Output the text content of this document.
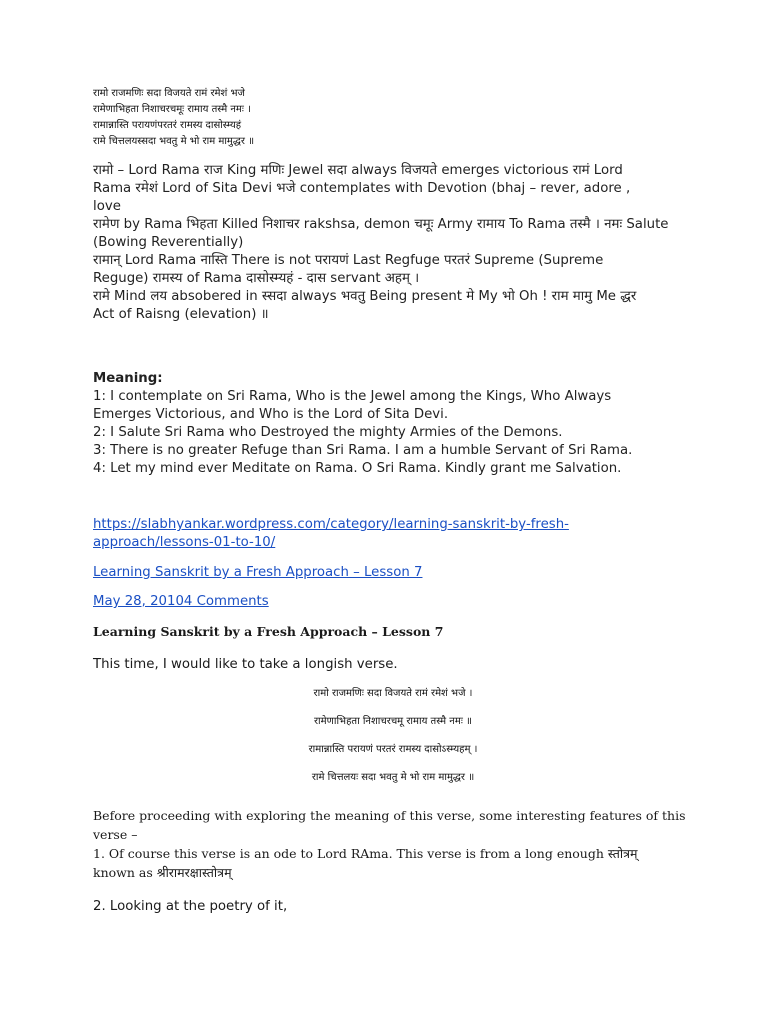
रामो राजमणिः सदा विजयते रामं रमेशं भजे
रामेणाभिहता निशाचरचमूः रामाय तस्मै नमः ।
रामान्नास्ति परायणंपरतरं रामस्य दासोस्म्यहं
रामे चित्तलयस्सदा भवतु मे भो राम मामुद्धर ॥
रामो – Lord Rama राज King मणिः Jewel सदा always विजयते emerges victorious रामं Lord
Rama रमेशं Lord of Sita Devi भजे contemplates with Devotion (bhaj – rever, adore ,
love
रामेण by Rama भिहता Killed निशाचर rakshsa, demon चमूः Army रामाय To Rama तस्मै । नमः Salute
(Bowing Reverentially)
रामान् Lord Rama नास्ति There is not परायणं Last Regfuge परतरं Supreme (Supreme
Reguge) रामस्य of Rama दासोस्म्यहं - दास servant अहम् ।
रामे Mind लय absobered in स्सदा always भवतु Being present मे My भो Oh ! राम मामु Me द्धर
Act of Raisng (elevation) ॥
Meaning:
1: I contemplate on Sri Rama, Who is the Jewel among the Kings, Who Always
Emerges Victorious, and Who is the Lord of Sita Devi.
2: I Salute Sri Rama who Destroyed the mighty Armies of the Demons.
3: There is no greater Refuge than Sri Rama. I am a humble Servant of Sri Rama.
4: Let my mind ever Meditate on Rama. O Sri Rama. Kindly grant me Salvation.
https://slabhyankar.wordpress.com/category/learning-sanskrit-by-fresh-
approach/lessons-01-to-10/
Learning Sanskrit by a Fresh Approach – Lesson 7
May 28, 20104 Comments
Learning Sanskrit by a Fresh Approach – Lesson 7
This time, I would like to take a longish verse.
रामो राजमणिः सदा विजयते रामं रमेशं भजे ।
रामेणाभिहता निशाचरचमू रामाय तस्मै नमः ॥
रामान्नास्ति परायणं परतरं रामस्य दासोऽस्म्यहम् ।
रामे चित्तलयः सदा भवतु मे भो राम मामुद्धर ॥
Before proceeding with exploring the meaning of this verse, some interesting features of this
verse –
1. Of course this verse is an ode to Lord RAma. This verse is from a long enough स्तोत्रम्
known as श्रीरामरक्षास्तोत्रम्
2. Looking at the poetry of it,
